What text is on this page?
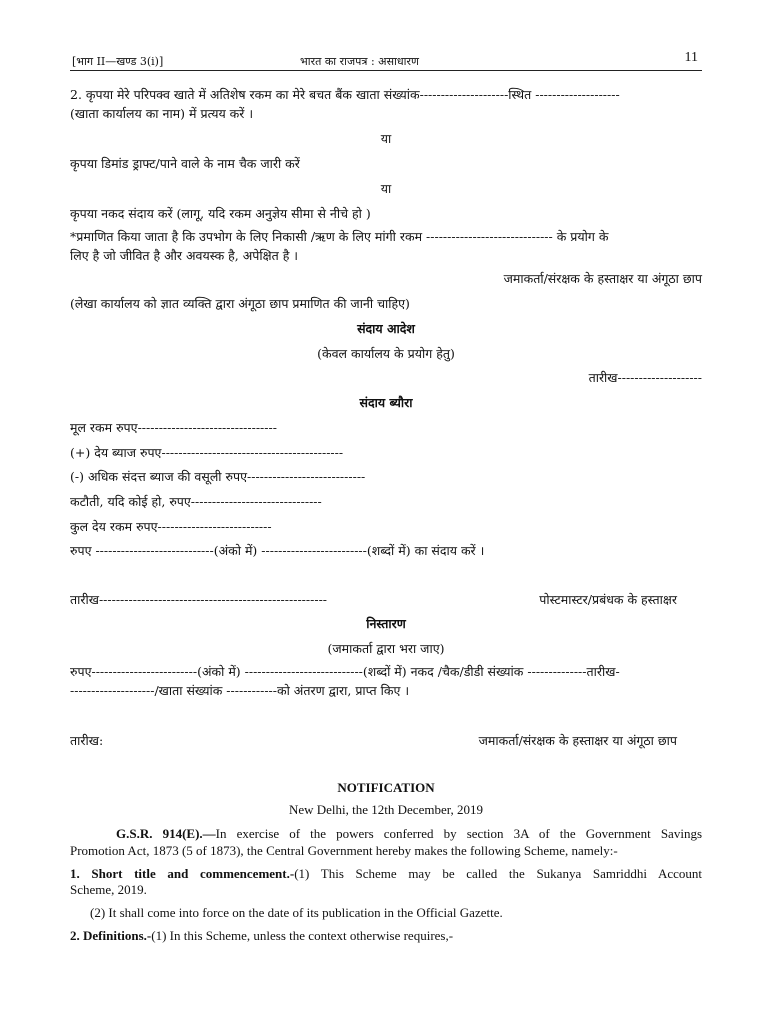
[भाग II—खण्ड 3(i)]	भारत का राजपत्र : असाधारण	11
2. कृपया मेरे परिपक्व खाते में अतिशेष रकम का मेरे बचत बैंक खाता संख्यांक---------------------स्थित --------------------
(खाता कार्यालय का नाम) में प्रत्यय करें ।
या
कृपया डिमांड ड्राफ्ट/पाने वाले के नाम चैक जारी करें
या
कृपया नकद संदाय करें (लागू, यदि रकम अनुज्ञेय सीमा से नीचे हो )
*प्रमाणित किया जाता है कि उपभोग के लिए निकासी /ऋण के लिए मांगी रकम ------------------------------ के प्रयोग के
लिए है जो जीवित है और अवयस्क है, अपेक्षित है ।
जमाकर्ता/संरक्षक के हस्ताक्षर या अंगूठा छाप
(लेखा कार्यालय को ज्ञात व्यक्ति द्वारा अंगूठा छाप प्रमाणित की जानी चाहिए)
संदाय आदेश
(केवल कार्यालय के प्रयोग हेतु)
तारीख--------------------
संदाय ब्यौरा
मूल रकम रुपए---------------------------------
(+) देय ब्याज रुपए-------------------------------------------
(-) अधिक संदत्त ब्याज की वसूली रुपए----------------------------
कटौती, यदि कोई हो, रुपए-------------------------------
कुल देय रकम रुपए---------------------------
रुपए ----------------------------(अंको में) -------------------------(शब्दों में) का संदाय करें ।
तारीख------------------------------------------------------	पोस्टमास्टर/प्रबंधक के हस्ताक्षर
निस्तारण
(जमाकर्ता द्वारा भरा जाए)
रुपए-------------------------(अंको में) ----------------------------(शब्दों में) नकद /चैक/डीडी संख्यांक --------------तारीख-
--------------------/खाता संख्यांक ------------को अंतरण द्वारा, प्राप्त किए ।
तारीख:	जमाकर्ता/संरक्षक के हस्ताक्षर या अंगूठा छाप
NOTIFICATION
New Delhi, the 12th December, 2019
G.S.R. 914(E).—In exercise of the powers conferred by section 3A of the Government Savings
Promotion Act, 1873 (5 of 1873), the Central Government hereby makes the following Scheme, namely:-
1. Short title and commencement.-(1) This Scheme may be called the Sukanya Samriddhi Account
Scheme, 2019.
(2) It shall come into force on the date of its publication in the Official Gazette.
2. Definitions.-(1) In this Scheme, unless the context otherwise requires,-
